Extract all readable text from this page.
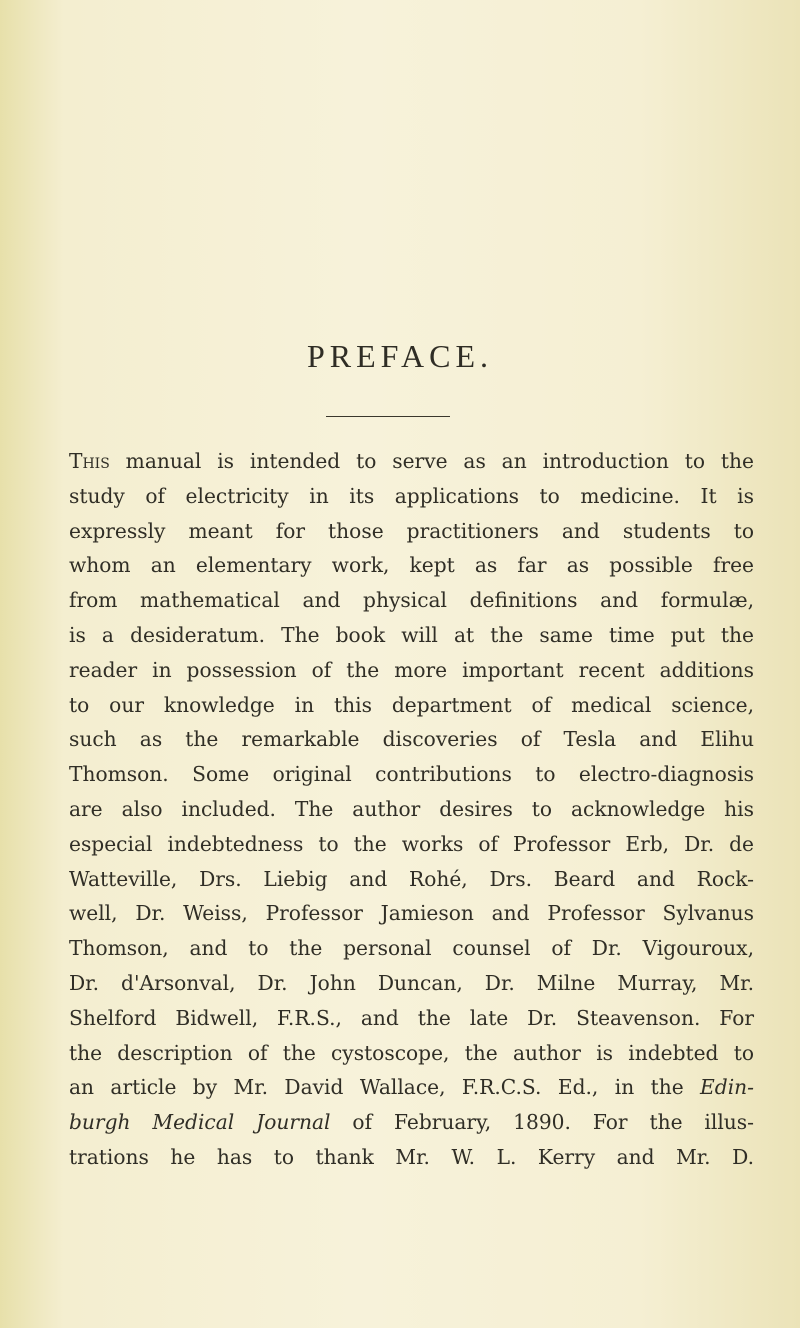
PREFACE.
This manual is intended to serve as an introduction to the
study of electricity in its applications to medicine. It is
expressly meant for those practitioners and students to
whom an elementary work, kept as far as possible free
from mathematical and physical definitions and formulæ,
is a desideratum. The book will at the same time put the
reader in possession of the more important recent additions
to our knowledge in this department of medical science,
such as the remarkable discoveries of Tesla and Elihu
Thomson. Some original contributions to electro-diagnosis
are also included. The author desires to acknowledge his
especial indebtedness to the works of Professor Erb, Dr. de
Watteville, Drs. Liebig and Rohé, Drs. Beard and Rock-
well, Dr. Weiss, Professor Jamieson and Professor Sylvanus
Thomson, and to the personal counsel of Dr. Vigouroux,
Dr. d'Arsonval, Dr. John Duncan, Dr. Milne Murray, Mr.
Shelford Bidwell, F.R.S., and the late Dr. Steavenson. For
the description of the cystoscope, the author is indebted to
an article by Mr. David Wallace, F.R.C.S. Ed., in the Edin-
burgh Medical Journal of February, 1890. For the illus-
trations he has to thank Mr. W. L. Kerry and Mr. D.
